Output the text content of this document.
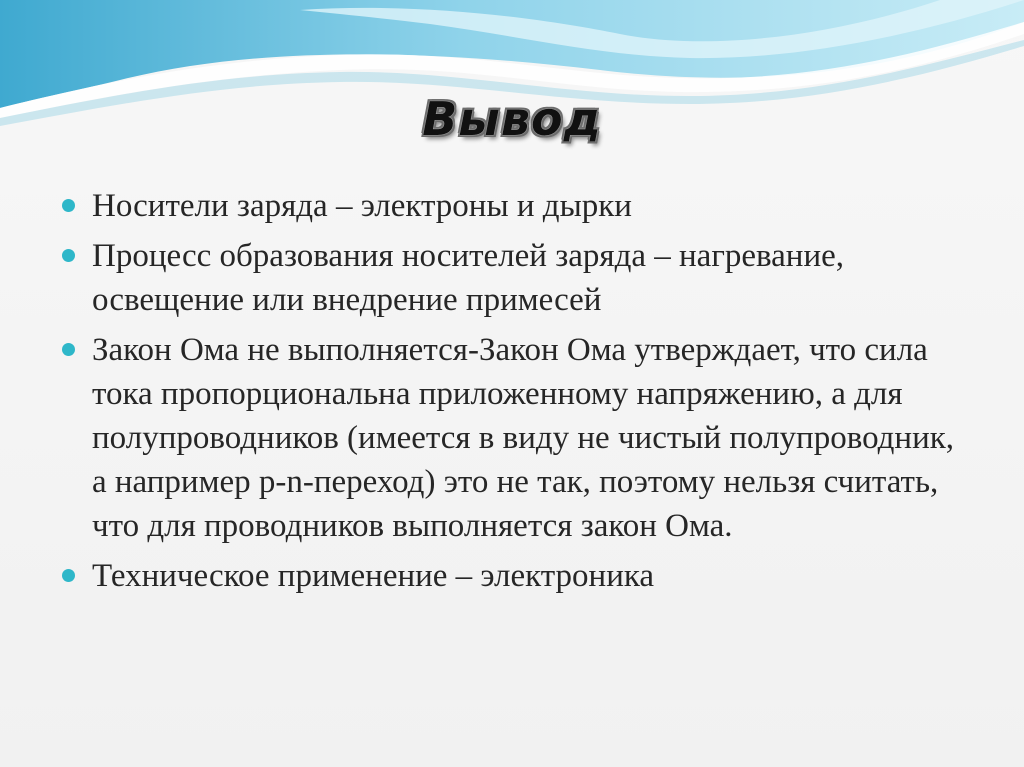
Вывод
Носители заряда – электроны и дырки
Процесс образования носителей заряда – нагревание, освещение или внедрение примесей
Закон Ома не выполняется-Закон Ома утверждает, что сила тока пропорциональна приложенному напряжению, а для полупроводников (имеется в виду не чистый полупроводник, а например p-n-переход) это не так, поэтому нельзя считать, что для проводников выполняется закон Ома.
Техническое применение – электроника
